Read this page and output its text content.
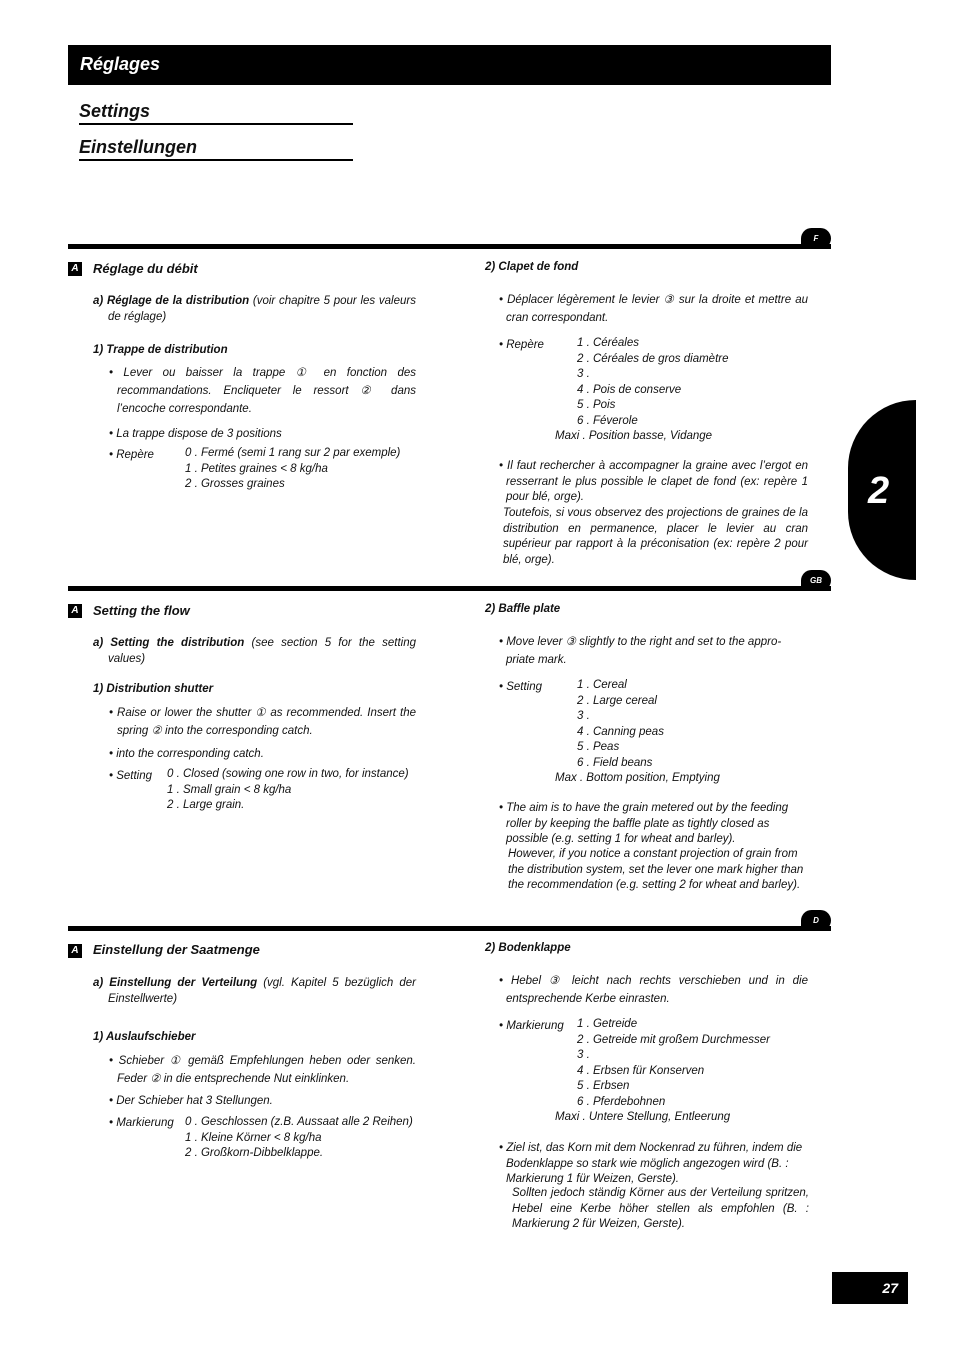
Réglages
Settings
Einstellungen
2
F
A Réglage du débit
a) Réglage de la distribution (voir chapitre 5 pour les valeurs de réglage)
1) Trappe de distribution
• Lever ou baisser la trappe ① en fonction des recommandations. Encliqueter le ressort ② dans l’encoche correspondante.
• La trappe dispose de 3 positions
• Repère	0 . Fermé (semi 1 rang sur 2 par exemple)
1 . Petites graines < 8 kg/ha
2 . Grosses graines
2) Clapet de fond
• Déplacer légèrement le levier ③ sur la droite et mettre au cran correspondant.
• Repère	1 . Céréales
2 . Céréales de gros diamètre
3 .
4 . Pois de conserve
5 . Pois
6 . Féverole
Maxi . Position basse, Vidange
• Il faut rechercher à accompagner la graine avec l’ergot en resserrant le plus possible le clapet de fond (ex: repère 1 pour blé, orge).
Toutefois, si vous observez des projections de graines de la distribution en permanence, placer le levier au cran supérieur par rapport à la préconisation (ex: repère 2 pour blé, orge).
GB
A Setting the flow
a) Setting the distribution (see section 5 for the setting values)
1) Distribution shutter
• Raise or lower the shutter ① as recommended. Insert the spring ② into the corresponding catch.
• into the corresponding catch.
• Setting 0 . Closed (sowing one row in two, for instance)
1 . Small grain < 8 kg/ha
2 . Large grain.
2) Baffle plate
• Move lever ③ slightly to the right and set to the appro- priate mark.
• Setting	1 . Cereal
2 . Large cereal
3 .
4 . Canning peas
5 . Peas
6 . Field beans
Max . Bottom position, Emptying
• The aim is to have the grain metered out by the feeding roller by keeping the baffle plate as tightly closed as possible (e.g. setting 1 for wheat and barley).
However, if you notice a constant projection of grain from the distribution system, set the lever one mark higher than the recommendation (e.g. setting 2 for wheat and barley).
D
A Einstellung der Saatmenge
a) Einstellung der Verteilung (vgl. Kapitel 5 bezüglich der Einstellwerte)
1) Auslaufschieber
• Schieber ① gemäß Empfehlungen heben oder senken. Feder ② in die entsprechende Nut einklinken.
• Der Schieber hat 3 Stellungen.
• Markierung 0 . Geschlossen (z.B. Aussaat alle 2 Reihen)
1 . Kleine Körner < 8 kg/ha
2 . Großkorn-Dibbelklappe.
2) Bodenklappe
• Hebel ③ leicht nach rechts verschieben und in die entsprechende Kerbe einrasten.
• Markierung 1 . Getreide
2 . Getreide mit großem Durchmesser
3 .
4 . Erbsen für Konserven
5 . Erbsen
6 . Pferdebohnen
Maxi . Untere Stellung, Entleerung
• Ziel ist, das Korn mit dem Nockenrad zu führen, indem die Bodenklappe so stark wie möglich angezogen wird (B. : Markierung 1 für Weizen, Gerste).
Sollten jedoch ständig Körner aus der Verteilung spritzen, Hebel eine Kerbe höher stellen als empfohlen (B. : Markierung 2 für Weizen, Gerste).
27
